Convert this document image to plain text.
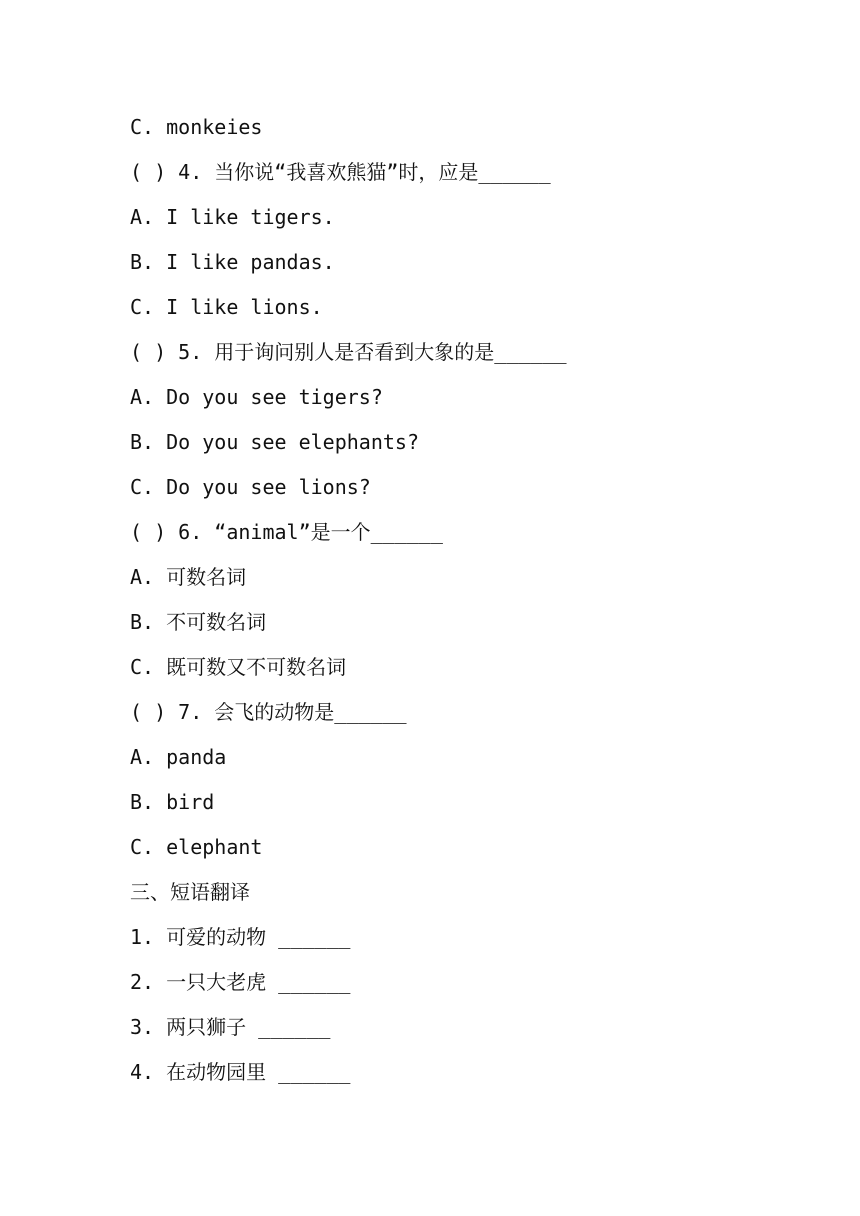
C. monkeies
( ) 4. 当你说“我喜欢熊猫”时，应是______
A. I like tigers.
B. I like pandas.
C. I like lions.
( ) 5. 用于询问别人是否看到大象的是______
A. Do you see tigers?
B. Do you see elephants?
C. Do you see lions?
( ) 6. “animal”是一个______
A. 可数名词
B. 不可数名词
C. 既可数又不可数名词
( ) 7. 会飞的动物是______
A. panda
B. bird
C. elephant
三、短语翻译
1. 可爱的动物 ______
2. 一只大老虎 ______
3. 两只狮子 ______
4. 在动物园里 ______
